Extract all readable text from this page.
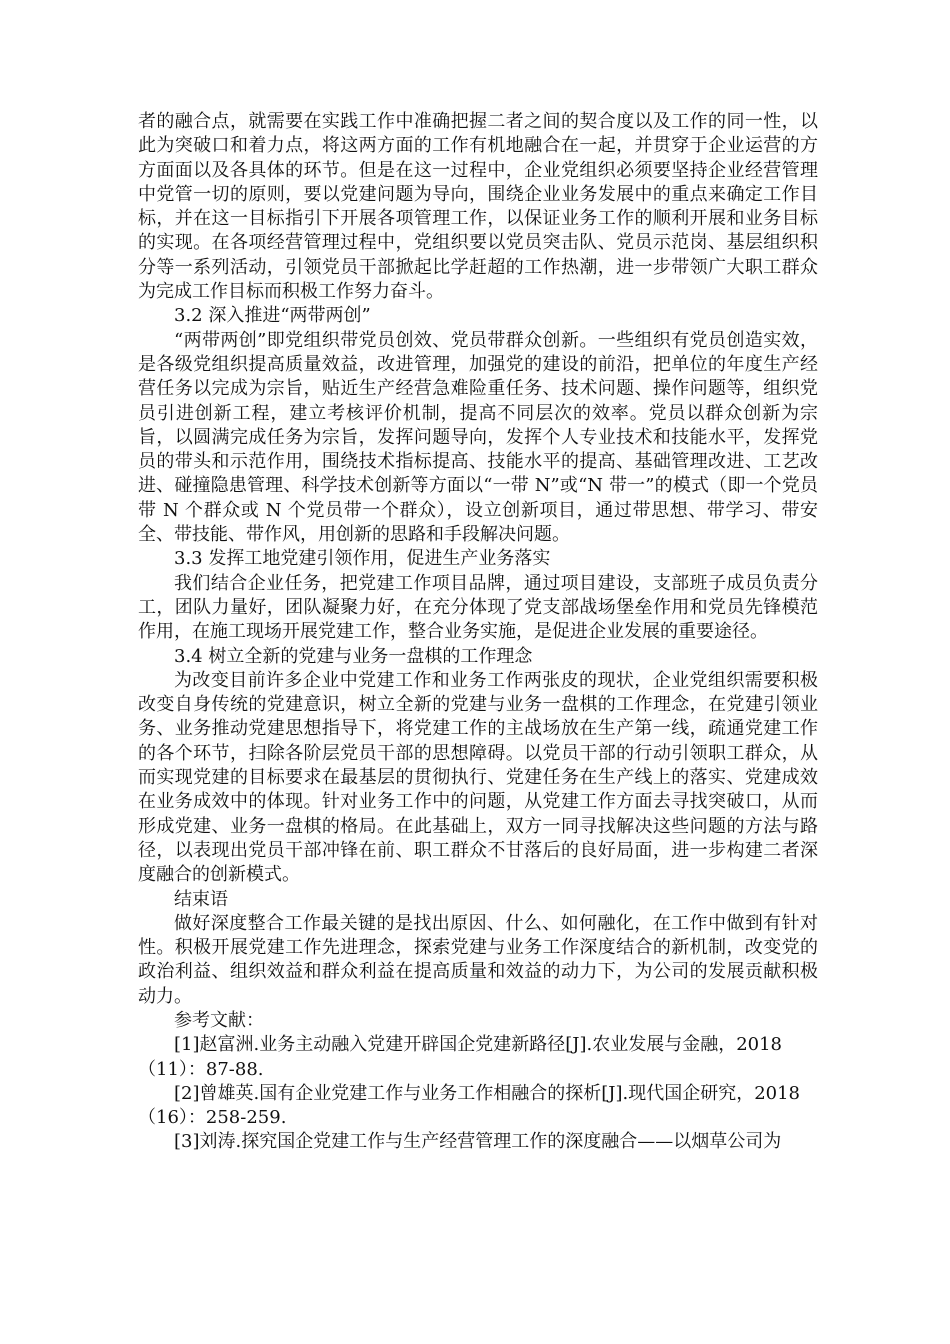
者的融合点，就需要在实践工作中准确把握二者之间的契合度以及工作的同一性，以此为突破口和着力点，将这两方面的工作有机地融合在一起，并贯穿于企业运营的方方面面以及各具体的环节。但是在这一过程中，企业党组织必须要坚持企业经营管理中党管一切的原则，要以党建问题为导向，围绕企业业务发展中的重点来确定工作目标，并在这一目标指引下开展各项管理工作，以保证业务工作的顺利开展和业务目标的实现。在各项经营管理过程中，党组织要以党员突击队、党员示范岗、基层组织积分等一系列活动，引领党员干部掀起比学赶超的工作热潮，进一步带领广大职工群众为完成工作目标而积极工作努力奋斗。

3.2 深入推进“两带两创”

“两带两创”即党组织带党员创效、党员带群众创新。一些组织有党员创造实效，是各级党组织提高质量效益，改进管理，加强党的建设的前沿，把单位的年度生产经营任务以完成为宗旨，贴近生产经营急难险重任务、技术问题、操作问题等，组织党员引进创新工程，建立考核评价机制，提高不同层次的效率。党员以群众创新为宗旨，以圆满完成任务为宗旨，发挥问题导向，发挥个人专业技术和技能水平，发挥党员的带头和示范作用，围绕技术指标提高、技能水平的提高、基础管理改进、工艺改进、碰撞隐患管理、科学技术创新等方面以“一带 N”或“N 带一”的模式（即一个党员带 N 个群众或 N 个党员带一个群众），设立创新项目，通过带思想、带学习、带安全、带技能、带作风，用创新的思路和手段解决问题。

3.3 发挥工地党建引领作用，促进生产业务落实

我们结合企业任务，把党建工作项目品牌，通过项目建设，支部班子成员负责分工，团队力量好，团队凝聚力好，在充分体现了党支部战场堡垒作用和党员先锋模范作用，在施工现场开展党建工作，整合业务实施，是促进企业发展的重要途径。

3.4 树立全新的党建与业务一盘棋的工作理念

为改变目前许多企业中党建工作和业务工作两张皮的现状，企业党组织需要积极改变自身传统的党建意识，树立全新的党建与业务一盘棋的工作理念，在党建引领业务、业务推动党建思想指导下，将党建工作的主战场放在生产第一线，疏通党建工作的各个环节，扫除各阶层党员干部的思想障碍。以党员干部的行动引领职工群众，从而实现党建的目标要求在最基层的贯彻执行、党建任务在生产线上的落实、党建成效在业务成效中的体现。针对业务工作中的问题，从党建工作方面去寻找突破口，从而形成党建、业务一盘棋的格局。在此基础上，双方一同寻找解决这些问题的方法与路径，以表现出党员干部冲锋在前、职工群众不甘落后的良好局面，进一步构建二者深度融合的创新模式。

结束语

做好深度整合工作最关键的是找出原因、什么、如何融化，在工作中做到有针对性。积极开展党建工作先进理念，探索党建与业务工作深度结合的新机制，改变党的政治利益、组织效益和群众利益在提高质量和效益的动力下，为公司的发展贡献积极动力。

参考文献：

[1]赵富洲.业务主动融入党建开辟国企党建新路径[J].农业发展与金融，2018
（11）：87-88.

[2]曾雄英.国有企业党建工作与业务工作相融合的探析[J].现代国企研究，2018
（16）：258-259.

[3]刘涛.探究国企党建工作与生产经营管理工作的深度融合——以烟草公司为
